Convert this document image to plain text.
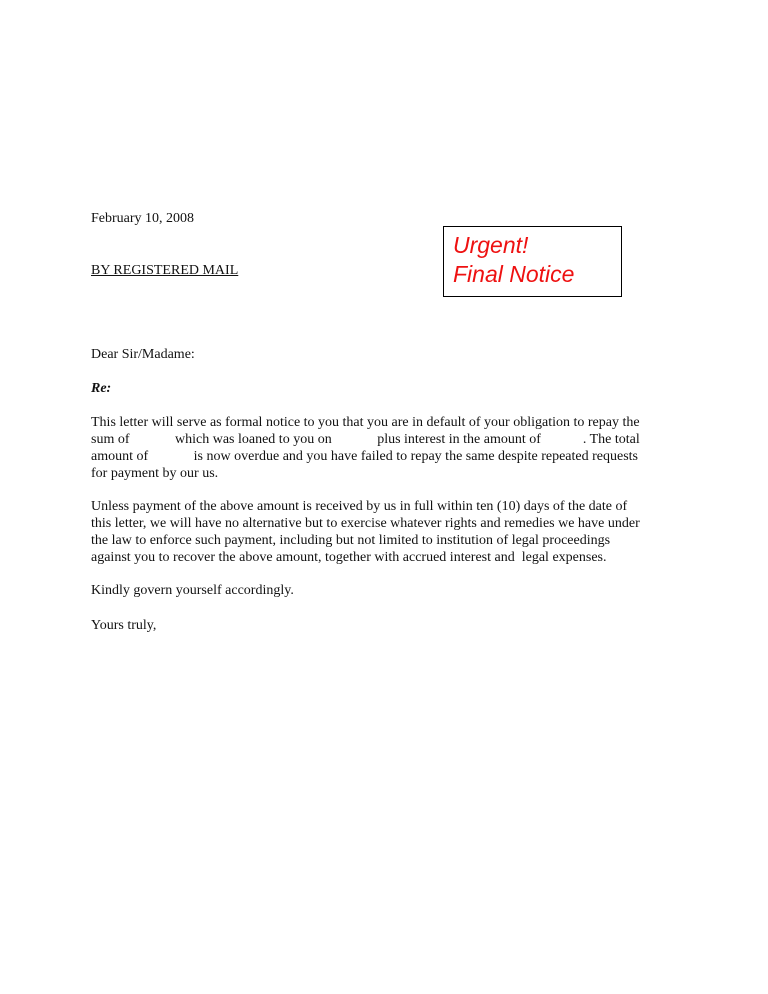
February 10, 2008
BY REGISTERED MAIL
Urgent!
Final Notice
Dear Sir/Madame:
Re:
This letter will serve as formal notice to you that you are in default of your obligation to repay the
sum of             which was loaned to you on             plus interest in the amount of            . The total
amount of             is now overdue and you have failed to repay the same despite repeated requests
for payment by our us.
Unless payment of the above amount is received by us in full within ten (10) days of the date of
this letter, we will have no alternative but to exercise whatever rights and remedies we have under
the law to enforce such payment, including but not limited to institution of legal proceedings
against you to recover the above amount, together with accrued interest and  legal expenses.
Kindly govern yourself accordingly.
Yours truly,
